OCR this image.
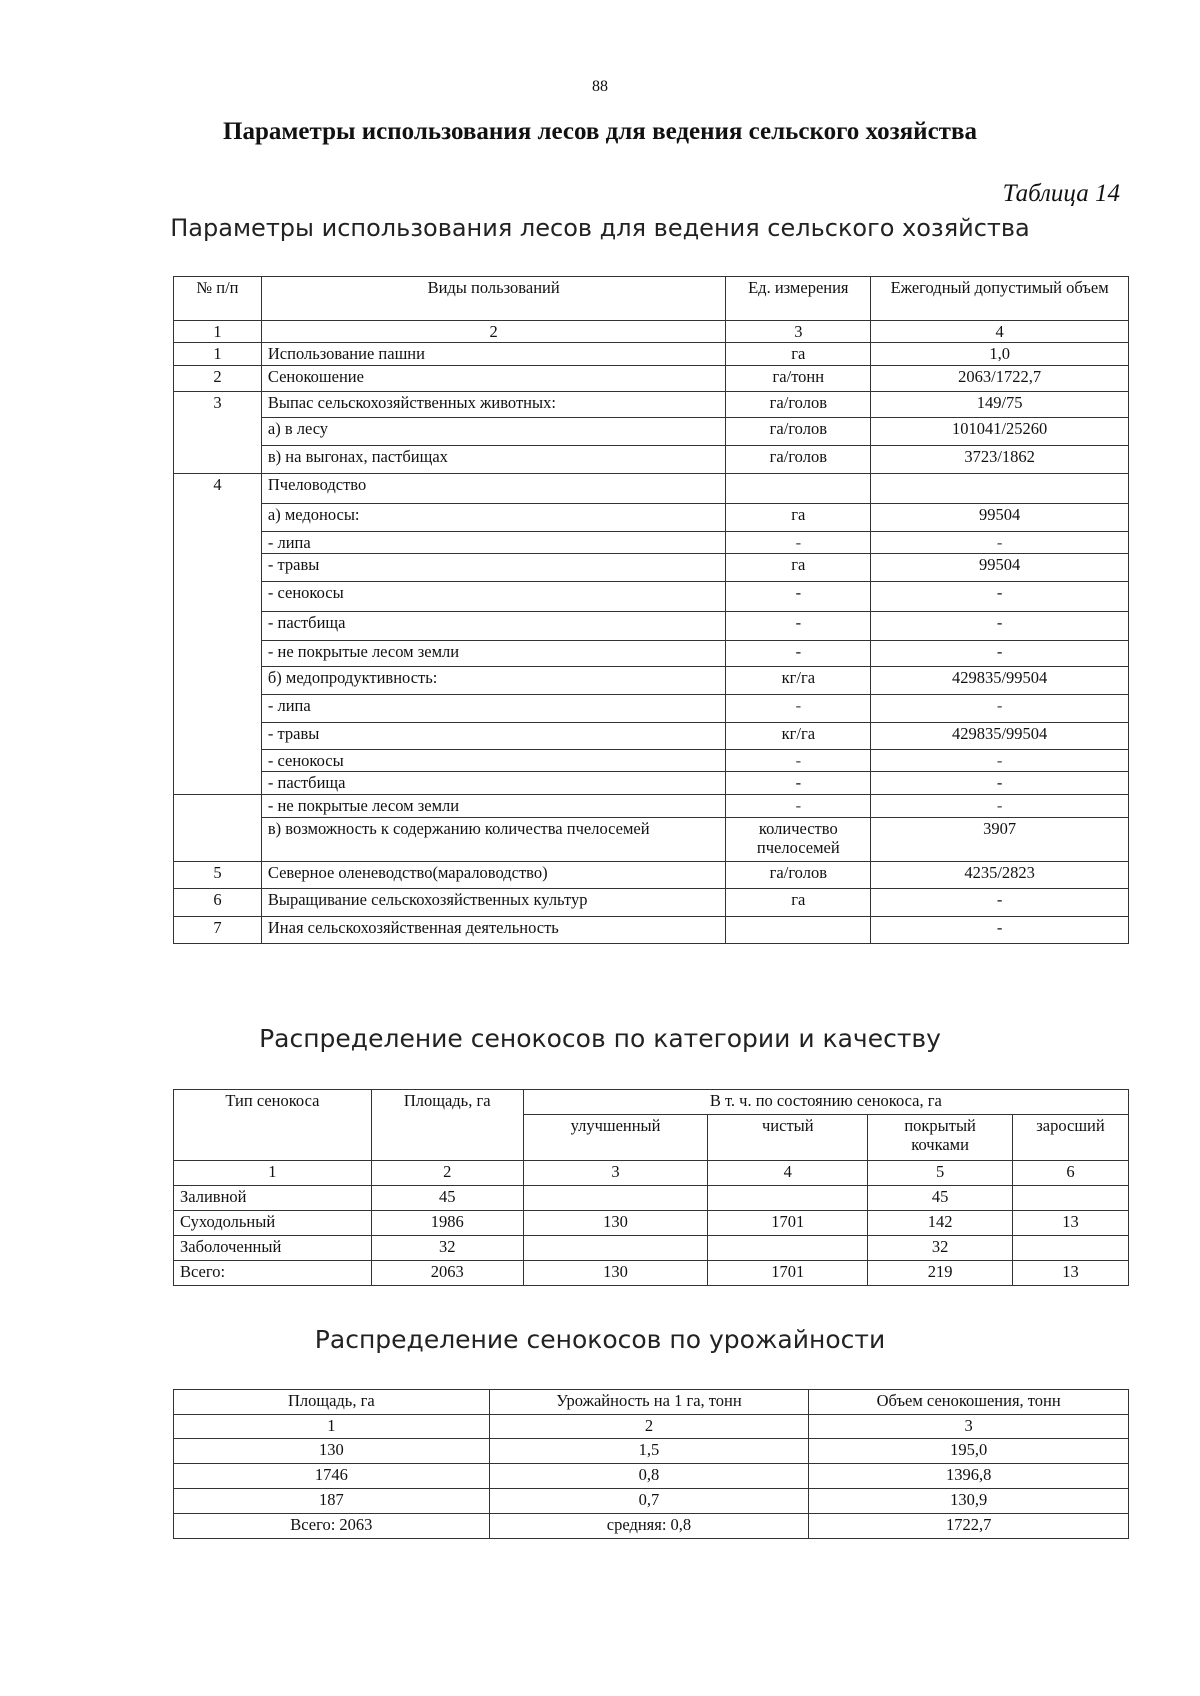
88
Параметры использования лесов для ведения сельского хозяйства
Таблица 14
Параметры использования лесов для ведения сельского хозяйства
№ п/п	Виды пользований	Ед. измерения	Ежегодный допустимый объем
1	2	3	4
1	Использование пашни	га	1,0
2	Сенокошение	га/тонн	2063/1722,7
3	Выпас сельскохозяйственных животных:	га/голов	149/75
	а) в лесу	га/голов	101041/25260
	в) на выгонах, пастбищах	га/голов	3723/1862
4	Пчеловодство		
	а) медоносы:	га	99504
	- липа	-	-
	- травы	га	99504
	- сенокосы	-	-
	- пастбища	-	-
	- не покрытые лесом земли	-	-
	б) медопродуктивность:	кг/га	429835/99504
	- липа	-	-
	- травы	кг/га	429835/99504
	- сенокосы	-	-
	- пастбища	-	-
	- не покрытые лесом земли	-	-
	в) возможность к содержанию количества пчелосемей	количество пчелосемей	3907
5	Северное оленеводство(мараловодство)	га/голов	4235/2823
6	Выращивание сельскохозяйственных культур	га	-
7	Иная сельскохозяйственная деятельность		-
Распределение сенокосов по категории и качеству
Тип сенокоса	Площадь, га	В т. ч. по состоянию сенокоса, га			
		улучшенный	чистый	покрытый кочками	заросший
1	2	3	4	5	6
Заливной	45			45	
Суходольный	1986	130	1701	142	13
Заболоченный	32			32	
Всего:	2063	130	1701	219	13
Распределение сенокосов по урожайности
Площадь, га	Урожайность на 1 га, тонн	Объем сенокошения, тонн
1	2	3
130	1,5	195,0
1746	0,8	1396,8
187	0,7	130,9
Всего: 2063	средняя: 0,8	1722,7
